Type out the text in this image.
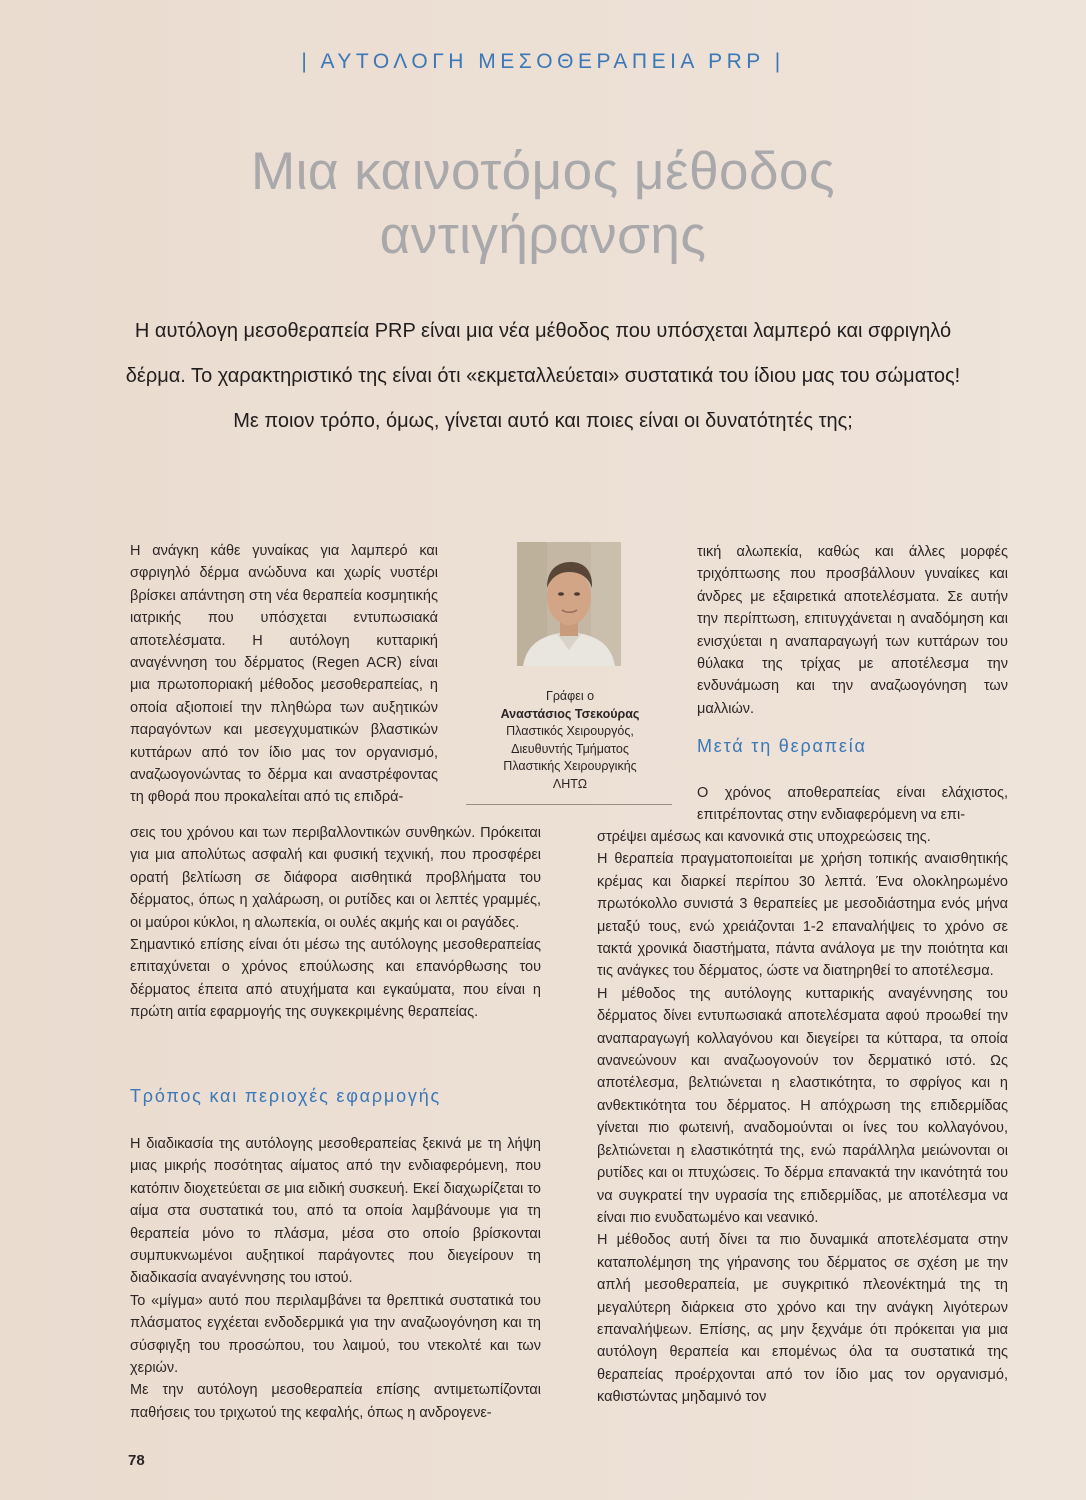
| ΑΥΤΟΛΟΓΗ ΜΕΣΟΘΕΡΑΠΕΙΑ PRP |
Μια καινοτόμος μέθοδος
αντιγήρανσης
Η αυτόλογη μεσοθεραπεία PRP είναι μια νέα μέθοδος που υπόσχεται λαμπερό και σφριγηλό δέρμα. Το χαρακτηριστικό της είναι ότι «εκμεταλλεύεται» συστατικά του ίδιου μας του σώματος! Με ποιον τρόπο, όμως, γίνεται αυτό και ποιες είναι οι δυνατότητές της;

Η ανάγκη κάθε γυναίκας για λαμπερό και σφριγηλό δέρμα ανώδυνα και χωρίς νυστέρι βρίσκει απάντηση στη νέα θεραπεία κοσμητικής ιατρικής που υπόσχεται εντυπωσιακά αποτελέσματα. Η αυτόλογη κυτταρική αναγέννηση του δέρματος (Regen ACR) είναι μια πρωτοποριακή μέθοδος μεσοθεραπείας, η οποία αξιοποιεί την πληθώρα των αυξητικών παραγόντων και μεσεγχυματικών βλαστικών κυττάρων από τον ίδιο μας τον οργανισμό, αναζωογονώντας το δέρμα και αναστρέφοντας τη φθορά που προκαλείται από τις επιδρά-

Γράφει ο
Αναστάσιος Τσεκούρας
Πλαστικός Χειρουργός,
Διευθυντής Τμήματος
Πλαστικής Χειρουργικής
ΛΗΤΩ

σεις του χρόνου και των περιβαλλοντικών συνθηκών. Πρόκειται για μια απολύτως ασφαλή και φυσική τεχνική, που προσφέρει ορατή βελτίωση σε διάφορα αισθητικά προβλήματα του δέρματος, όπως η χαλάρωση, οι ρυτίδες και οι λεπτές γραμμές, οι μαύροι κύκλοι, η αλωπεκία, οι ουλές ακμής και οι ραγάδες.

Σημαντικό επίσης είναι ότι μέσω της αυτόλογης μεσοθεραπείας επιταχύνεται ο χρόνος επούλωσης και επανόρθωσης του δέρματος έπειτα από ατυχήματα και εγκαύματα, που είναι η πρώτη αιτία εφαρμογής της συγκεκριμένης θεραπείας.

Τρόπος και περιοχές εφαρμογής

Η διαδικασία της αυτόλογης μεσοθεραπείας ξεκινά με τη λήψη μιας μικρής ποσότητας αίματος από την ενδιαφερόμενη, που κατόπιν διοχετεύεται σε μια ειδική συσκευή. Εκεί διαχωρίζεται το αίμα στα συστατικά του, από τα οποία λαμβάνουμε για τη θεραπεία μόνο το πλάσμα, μέσα στο οποίο βρίσκονται συμπυκνωμένοι αυξητικοί παράγοντες που διεγείρουν τη διαδικασία αναγέννησης του ιστού.

Το «μίγμα» αυτό που περιλαμβάνει τα θρεπτικά συστατικά του πλάσματος εγχέεται ενδοδερμικά για την αναζωογόνηση και τη σύσφιγξη του προσώπου, του λαιμού, του ντεκολτέ και των χεριών.

Με την αυτόλογη μεσοθεραπεία επίσης αντιμετωπίζονται παθήσεις του τριχωτού της κεφαλής, όπως η ανδρογενε-

τική αλωπεκία, καθώς και άλλες μορφές τριχόπτωσης που προσβάλλουν γυναίκες και άνδρες με εξαιρετικά αποτελέσματα. Σε αυτήν την περίπτωση, επιτυγχάνεται η αναδόμηση και ενισχύεται η αναπαραγωγή των κυττάρων του θύλακα της τρίχας με αποτέλεσμα την ενδυνάμωση και την αναζωογόνηση των μαλλιών.

Μετά τη θεραπεία

Ο χρόνος αποθεραπείας είναι ελάχιστος, επιτρέποντας στην ενδιαφερόμενη να επι-

στρέψει αμέσως και κανονικά στις υποχρεώσεις της.

Η θεραπεία πραγματοποιείται με χρήση τοπικής αναισθητικής κρέμας και διαρκεί περίπου 30 λεπτά. Ένα ολοκληρωμένο πρωτόκολλο συνιστά 3 θεραπείες με μεσοδιάστημα ενός μήνα μεταξύ τους, ενώ χρειάζονται 1-2 επαναλήψεις το χρόνο σε τακτά χρονικά διαστήματα, πάντα ανάλογα με την ποιότητα και τις ανάγκες του δέρματος, ώστε να διατηρηθεί το αποτέλεσμα.

Η μέθοδος της αυτόλογης κυτταρικής αναγέννησης του δέρματος δίνει εντυπωσιακά αποτελέσματα αφού προωθεί την αναπαραγωγή κολλαγόνου και διεγείρει τα κύτταρα, τα οποία ανανεώνουν και αναζωογονούν τον δερματικό ιστό. Ως αποτέλεσμα, βελτιώνεται η ελαστικότητα, το σφρίγος και η ανθεκτικότητα του δέρματος. Η απόχρωση της επιδερμίδας γίνεται πιο φωτεινή, αναδομούνται οι ίνες του κολλαγόνου, βελτιώνεται η ελαστικότητά της, ενώ παράλληλα μειώνονται οι ρυτίδες και οι πτυχώσεις. Το δέρμα επανακτά την ικανότητά του να συγκρατεί την υγρασία της επιδερμίδας, με αποτέλεσμα να είναι πιο ενυδατωμένο και νεανικό.

Η μέθοδος αυτή δίνει τα πιο δυναμικά αποτελέσματα στην καταπολέμηση της γήρανσης του δέρματος σε σχέση με την απλή μεσοθεραπεία, με συγκριτικό πλεονέκτημά της τη μεγαλύτερη διάρκεια στο χρόνο και την ανάγκη λιγότερων επαναλήψεων. Επίσης, ας μην ξεχνάμε ότι πρόκειται για μια αυτόλογη θεραπεία και επομένως όλα τα συστατικά της θεραπείας προέρχονται από τον ίδιο μας τον οργανισμό, καθιστώντας μηδαμινό τον

78
